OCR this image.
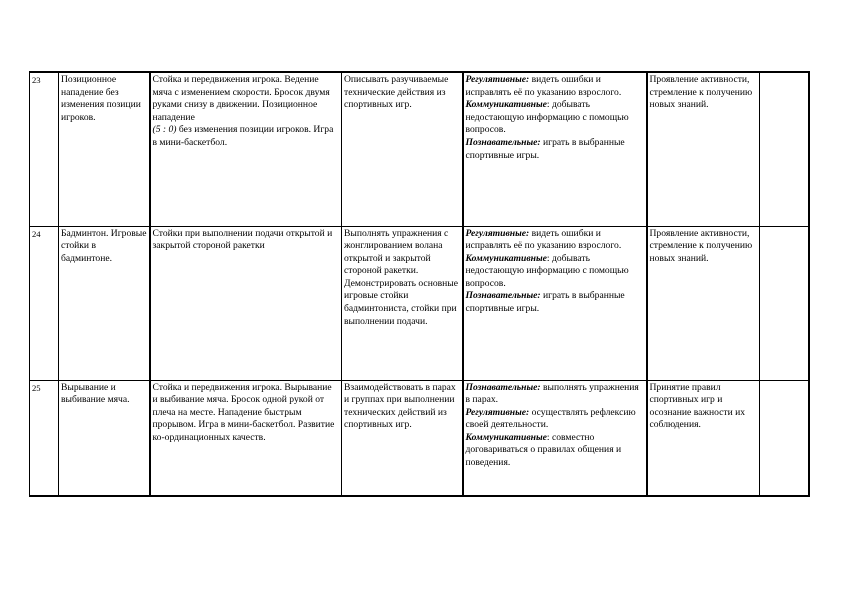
23	Позиционное нападение без изменения позиции игроков.	Стойка и передвижения игрока. Ведение мяча с изменением скорости. Бросок двумя руками снизу в движении. Позиционное нападение
(5 : 0) без изменения позиции игроков. Игра в мини-баскетбол.	Описывать разучиваемые технические действия из спортивных игр.	Регулятивные: видеть ошибки и исправлять её по указанию взрослого.
Коммуникативные: добывать недостающую информацию с помощью вопросов.
Познавательные: играть в выбранные спортивные игры.	Проявление активности, стремление к получению новых знаний.	
24	Бадминтон. Игровые стойки в бадминтоне.	Стойки при выполнении подачи открытой и закрытой стороной ракетки	Выполнять упражнения с жонглированием волана открытой и закрытой стороной ракетки. Демонстрировать основные игровые стойки бадминтониста, стойки при выполнении подачи.	Регулятивные: видеть ошибки и исправлять её по указанию взрослого.
Коммуникативные: добывать недостающую информацию с помощью вопросов.
Познавательные: играть в выбранные спортивные игры.	Проявление активности, стремление к получению новых знаний.	
25	Вырывание и выбивание мяча.	Стойка и передвижения игрока. Вырывание и выбивание мяча. Бросок одной рукой от плеча на месте. Нападение быстрым прорывом. Игра в мини-баскетбол. Развитие ко-ординационных качеств.	Взаимодействовать в парах и группах при выполнении технических действий из спортивных игр.	Познавательные: выполнять упражнения в парах.
Регулятивные: осуществлять рефлексию своей деятельности.
Коммуникативные: совместно договариваться о правилах общения и поведения.	Принятие правил спортивных игр и осознание важности их соблюдения.	
